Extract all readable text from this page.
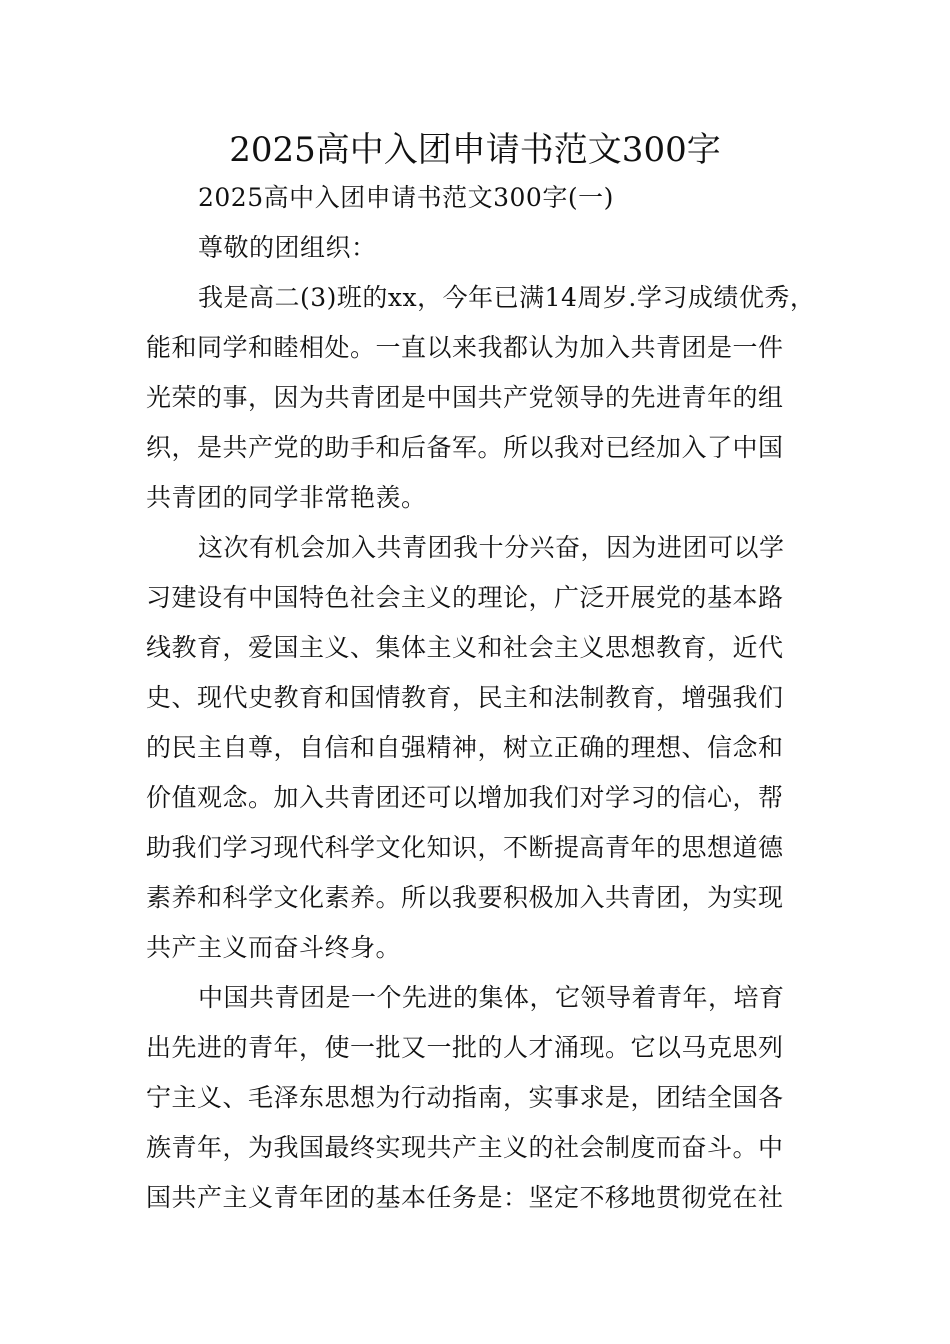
2025高中入团申请书范文300字
2025高中入团申请书范文300字(一)
尊敬的团组织：
我是高二(3)班的xx，今年已满14周岁.学习成绩优秀，
能和同学和睦相处。一直以来我都认为加入共青团是一件
光荣的事，因为共青团是中国共产党领导的先进青年的组
织，是共产党的助手和后备军。所以我对已经加入了中国
共青团的同学非常艳羡。
这次有机会加入共青团我十分兴奋，因为进团可以学
习建设有中国特色社会主义的理论，广泛开展党的基本路
线教育，爱国主义、集体主义和社会主义思想教育，近代
史、现代史教育和国情教育，民主和法制教育，增强我们
的民主自尊，自信和自强精神，树立正确的理想、信念和
价值观念。加入共青团还可以增加我们对学习的信心，帮
助我们学习现代科学文化知识，不断提高青年的思想道德
素养和科学文化素养。所以我要积极加入共青团，为实现
共产主义而奋斗终身。
中国共青团是一个先进的集体，它领导着青年，培育
出先进的青年，使一批又一批的人才涌现。它以马克思列
宁主义、毛泽东思想为行动指南，实事求是，团结全国各
族青年，为我国最终实现共产主义的社会制度而奋斗。中
国共产主义青年团的基本任务是：坚定不移地贯彻党在社
